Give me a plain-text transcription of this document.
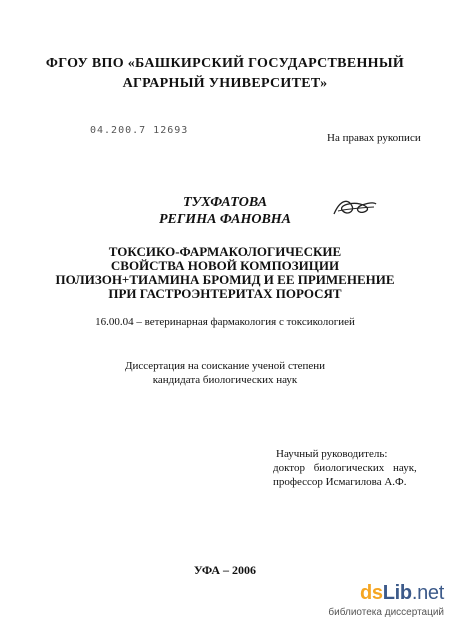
ФГОУ ВПО «БАШКИРСКИЙ ГОСУДАРСТВЕННЫЙ
АГРАРНЫЙ УНИВЕРСИТЕТ»
04.200.7 12693
На правах рукописи
ТУХФАТОВА
РЕГИНА ФАНОВНА
ТОКСИКО-ФАРМАКОЛОГИЧЕСКИЕ
СВОЙСТВА НОВОЙ КОМПОЗИЦИИ
ПОЛИЗОН+ТИАМИНА БРОМИД И ЕЕ ПРИМЕНЕНИЕ
ПРИ ГАСТРОЭНТЕРИТАХ ПОРОСЯТ
16.00.04 – ветеринарная фармакология с токсикологией
Диссертация на соискание ученой степени
кандидата биологических наук
Научный руководитель:
доктор биологических наук,
профессор Исмагилова А.Ф.
УФА – 2006
dsLib.net
библиотека диссертаций
